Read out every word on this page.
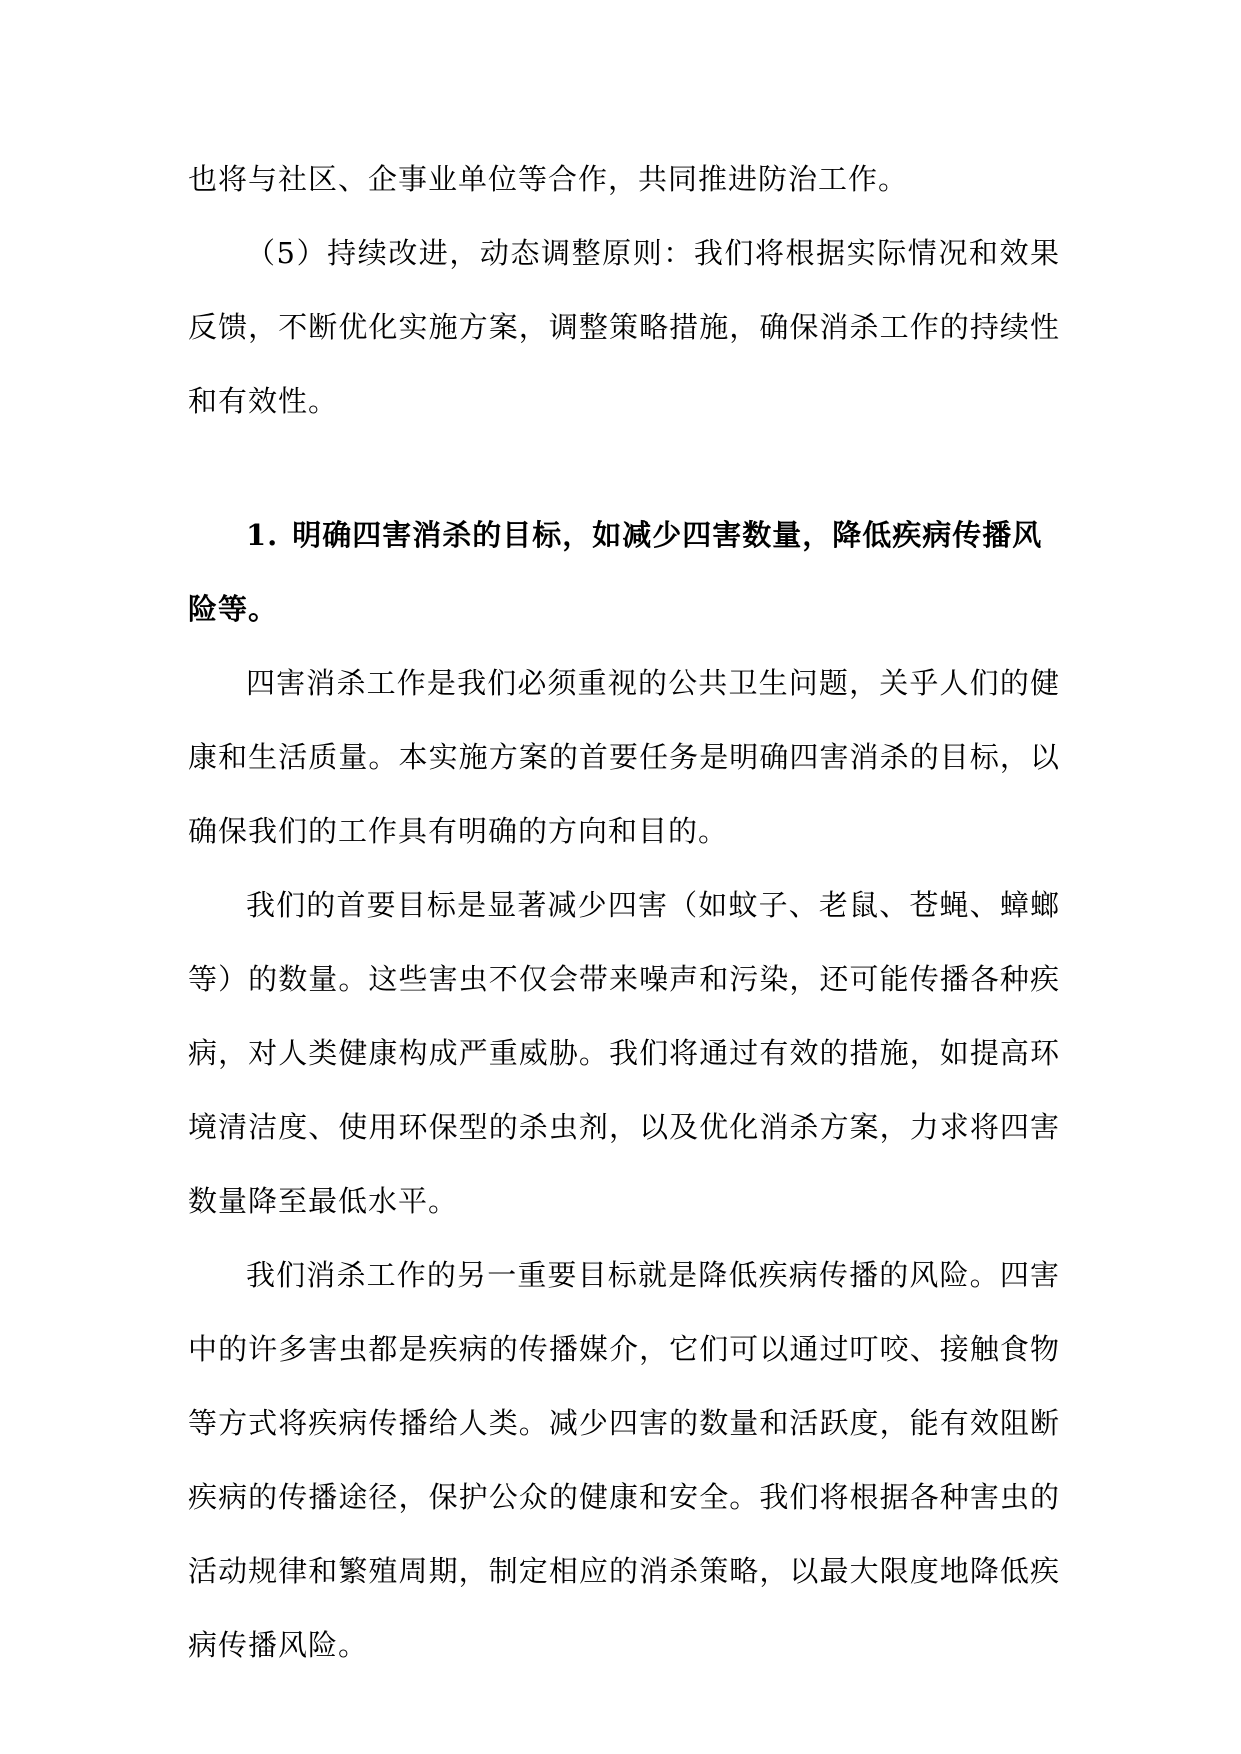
也将与社区、企事业单位等合作，共同推进防治工作。

（5）持续改进，动态调整原则：我们将根据实际情况和效果反馈，不断优化实施方案，调整策略措施，确保消杀工作的持续性和有效性。

1. 明确四害消杀的目标，如减少四害数量，降低疾病传播风险等。

四害消杀工作是我们必须重视的公共卫生问题，关乎人们的健康和生活质量。本实施方案的首要任务是明确四害消杀的目标，以确保我们的工作具有明确的方向和目的。

我们的首要目标是显著减少四害（如蚊子、老鼠、苍蝇、蟑螂等）的数量。这些害虫不仅会带来噪声和污染，还可能传播各种疾病，对人类健康构成严重威胁。我们将通过有效的措施，如提高环境清洁度、使用环保型的杀虫剂，以及优化消杀方案，力求将四害数量降至最低水平。

我们消杀工作的另一重要目标就是降低疾病传播的风险。四害中的许多害虫都是疾病的传播媒介，它们可以通过叮咬、接触食物等方式将疾病传播给人类。减少四害的数量和活跃度，能有效阻断疾病的传播途径，保护公众的健康和安全。我们将根据各种害虫的活动规律和繁殖周期，制定相应的消杀策略，以最大限度地降低疾病传播风险。
